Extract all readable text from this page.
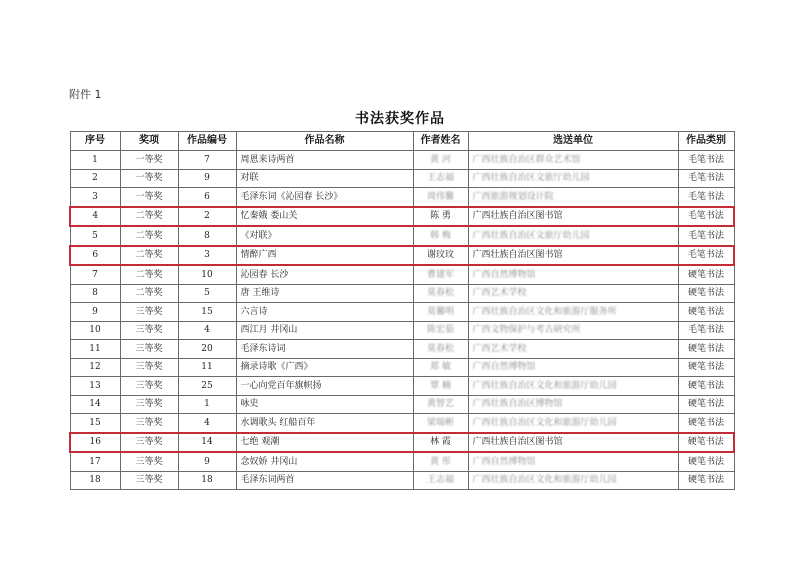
附件 1
书法获奖作品
序号	奖项	作品编号	作品名称	作者姓名	选送单位	作品类别
1	一等奖	7	周恩来诗两首	黄 河	广西壮族自治区群众艺术馆	毛笔书法
2	一等奖	9	对联	王志福	广西壮族自治区文旅厅幼儿园	毛笔书法
3	一等奖	6	毛泽东词《沁园春 长沙》	周伟馨	广西旅游规划设计院	毛笔书法
4	二等奖	2	忆秦娥 娄山关	陈 勇	广西壮族自治区图书馆	毛笔书法
5	二等奖	8	《对联》	韩 梅	广西壮族自治区文旅厅幼儿园	毛笔书法
6	二等奖	3	情醉广西	谢玟玟	广西壮族自治区图书馆	毛笔书法
7	二等奖	10	沁园春 长沙	曹建军	广西自然博物馆	硬笔书法
8	二等奖	5	唐 王维诗	莫春松	广西艺术学校	硬笔书法
9	三等奖	15	六言诗	莫馨明	广西壮族自治区文化和旅游厅服务所	硬笔书法
10	三等奖	4	西江月 井冈山	陈宏茹	广西文物保护与考古研究所	毛笔书法
11	三等奖	20	毛泽东诗词	莫春松	广西艺术学校	硬笔书法
12	三等奖	11	摘录诗歌《广西》	郑 敏	广西自然博物馆	硬笔书法
13	三等奖	25	一心向党百年旗帜扬	覃 楠	广西壮族自治区文化和旅游厅幼儿园	硬笔书法
14	三等奖	1	咏史	黄智艺	广西壮族自治区博物馆	硬笔书法
15	三等奖	4	水调歌头 红船百年	梁瑞彬	广西壮族自治区文化和旅游厅幼儿园	硬笔书法
16	三等奖	14	七绝 观潮	林 霞	广西壮族自治区图书馆	硬笔书法
17	三等奖	9	念奴娇 井冈山	黄 彤	广西自然博物馆	硬笔书法
18	三等奖	18	毛泽东词两首	王志福	广西壮族自治区文化和旅游厅幼儿园	硬笔书法
